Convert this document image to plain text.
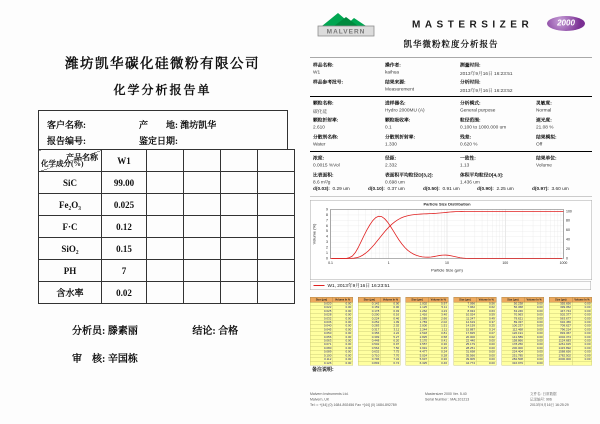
潍坊凯华碳化硅微粉有限公司
化学分析报告单
客户名称:	产　　地: 潍坊凯华
报告编号:	鉴定日期:
产品名称
化学成分(%)	W1				
SiC	99.00				
Fe₂O₃	0.025				
F·C	0.12				
SiO₂	0.15				
PH	7				
含水率	0.02				
分析员: 滕素丽	结论: 合格
审　核: 辛国栋
MALVERN
MASTERSIZER	2000
凯华微粉粒度分析报告
样品名称:
W1
操作者:
kaihua
测量时间:
2013年9月16日 16:23:51
样品参考批号:	结果来源:
Measurement
分析时间:
2013年9月16日 16:23:52
颗粒名称:
碳化硅
进样器名:
Hydro 2000MU (A)
分析模式:
General purpose
灵敏度:
Normal
颗粒折射率:
2.610
颗粒吸收率:
0.1
粒径范围:
0.100 to 1000.000 um
遮光度:
21.08 %
分散剂名称:
Water
分散剂折射率:
1.330
残差:
0.620 %
结果模拟:
Off
浓度:
0.0015 %Vol
径距:
2.332
一致性:
1.13
结果单位:
Volume
比表面积:
8.6 m²/g
表面积平均粒径D[3,2]:
0.698 um
体积平均粒径D[4,3]:
1.436 um
d(0.03):  0.29 um d(0.10):  0.37 um d(0.50):  0.91 um d(0.90):  2.25 um d(0.97):  3.60 um
0
1
2
3
4
5
6
7
8
9
0
20
40
60
80
100
0.1	1	10	100	1000
Particle Size Distribution
Particle Size (µm)
Volume (%)
W1, 2013年9月16日 16:23:51
Size (µm)	Volume In %
0.020	0.00
0.022	0.00
0.025	0.00
0.028	0.00
0.032	0.00
0.036	0.00
0.040	0.00
0.045	0.00
0.050	0.00
0.056	0.00
0.063	0.00
0.071	0.00
0.080	0.00
0.089	0.00
0.100	0.00
0.112	0.00
0.126	0.00
Size (µm)	Volume In %
0.142	0.00
0.159	0.00
0.178	0.03
0.200	0.16
0.224	0.46
0.252	1.09
0.283	2.02
0.317	3.11
0.356	4.22
0.399	5.27
0.448	6.20
0.502	6.97
0.564	7.50
0.632	7.75
0.710	7.70
0.796	7.34
0.893	6.74
Size (µm)	Volume In %
1.002	5.97
1.125	5.11
1.262	4.23
1.416	3.40
1.589	2.66
1.783	2.02
2.000	1.51
2.244	1.11
2.518	0.81
2.825	0.58
3.170	0.41
3.557	0.30
3.991	0.25
4.477	0.24
5.024	0.28
5.637	0.36
6.325	0.46
Size (µm)	Volume In %
7.096	0.56
7.962	0.62
8.934	0.63
10.024	0.59
11.247	0.49
12.619	0.37
14.159	0.25
15.887	0.14
17.825	0.07
20.000	0.02
22.440	0.00
25.179	0.00
28.251	0.00
31.698	0.00
35.566	0.00
39.905	0.00
44.774	0.00
Size (µm)	Volume In %
50.238	0.00
56.368	0.00
63.246	0.00
70.963	0.00
79.621	0.00
89.337	0.00
100.237	0.00
112.468	0.00
126.191	0.00
141.589	0.00
158.866	0.00
178.250	0.00
200.000	0.00
224.404	0.00
251.785	0.00
282.508	0.00
316.979	0.00
Size (µm)	Volume In %
355.656	0.00
399.052	0.00
447.744	0.00
502.377	0.00
563.677	0.00
632.456	0.00
709.627	0.00
796.214	0.00
893.367	0.00
1002.374	0.00
1124.683	0.00
1261.915	0.00
1415.892	0.00
1588.656	0.00
1782.502	0.00
2000.000	0.00

备注说明:
Malvern Instruments Ltd.
Malvern, UK
Tel := +[44] (0) 1684-892456 Fax +[44] (0) 1684-892789
Mastersizer 2000 Ver. 5.40
Serial Number : MAL101213
文件名: 日常数据
记录编号: 906
2013年9月16日 16:25:29
